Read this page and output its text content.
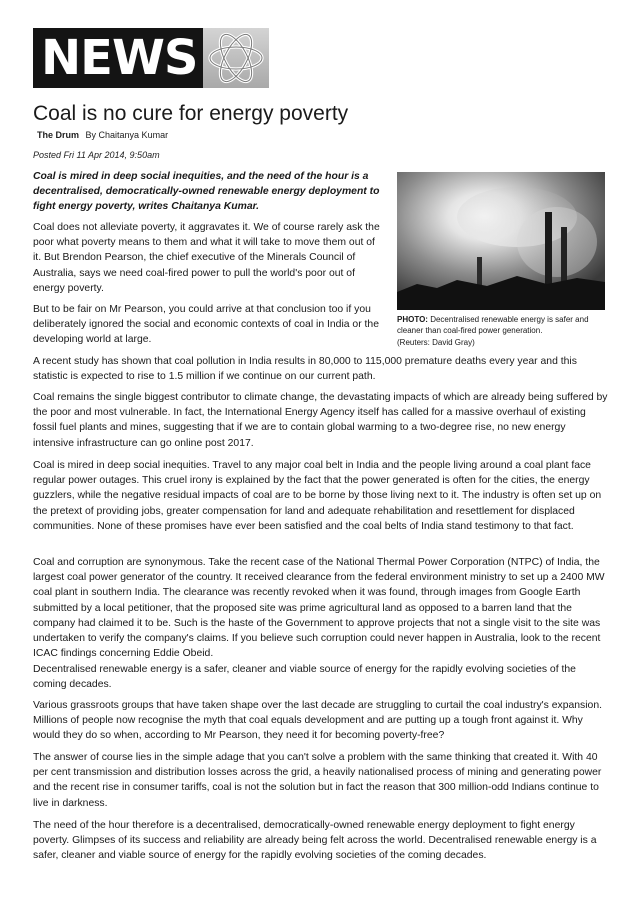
NEWS
Coal is no cure for energy poverty
The Drum By Chaitanya Kumar
Posted Fri 11 Apr 2014, 9:50am
PHOTO: Decentralised renewable energy is safer and cleaner than coal-fired power generation.
(Reuters: David Gray)

Coal is mired in deep social inequities, and the need of the hour is a decentralised, democratically-owned renewable energy deployment to fight energy poverty, writes Chaitanya Kumar.

Coal does not alleviate poverty, it aggravates it. We of course rarely ask the poor what poverty means to them and what it will take to move them out of it. But Brendon Pearson, the chief executive of the Minerals Council of Australia, says we need coal-fired power to pull the world's poor out of energy poverty.

But to be fair on Mr Pearson, you could arrive at that conclusion too if you deliberately ignored the social and economic contexts of coal in India or the developing world at large.

A recent study has shown that coal pollution in India results in 80,000 to 115,000 premature deaths every year and this statistic is expected to rise to 1.5 million if we continue on our current path.

Coal remains the single biggest contributor to climate change, the devastating impacts of which are already being suffered by the poor and most vulnerable. In fact, the International Energy Agency itself has called for a massive overhaul of existing fossil fuel plants and mines, suggesting that if we are to contain global warming to a two-degree rise, no new energy intensive infrastructure can go online post 2017.

Coal is mired in deep social inequities. Travel to any major coal belt in India and the people living around a coal plant face regular power outages. This cruel irony is explained by the fact that the power generated is often for the cities, the energy guzzlers, while the negative residual impacts of coal are to be borne by those living next to it. The industry is often set up on the pretext of providing jobs, greater compensation for land and adequate rehabilitation and resettlement for displaced communities. None of these promises have ever been satisfied and the coal belts of India stand testimony to that fact.

Coal and corruption are synonymous. Take the recent case of the National Thermal Power Corporation (NTPC) of India, the largest coal power generator of the country. It received clearance from the federal environment ministry to set up a 2400 MW coal plant in southern India. The clearance was recently revoked when it was found, through images from Google Earth submitted by a local petitioner, that the proposed site was prime agricultural land as opposed to a barren land that the company had claimed it to be. Such is the haste of the Government to approve projects that not a single visit to the site was undertaken to verify the company's claims. If you believe such corruption could never happen in Australia, look to the recent ICAC findings concerning Eddie Obeid.

Decentralised renewable energy is a safer, cleaner and viable source of energy for the rapidly evolving societies of the coming decades.

Various grassroots groups that have taken shape over the last decade are struggling to curtail the coal industry's expansion. Millions of people now recognise the myth that coal equals development and are putting up a tough front against it. Why would they do so when, according to Mr Pearson, they need it for becoming poverty-free?

The answer of course lies in the simple adage that you can't solve a problem with the same thinking that created it. With 40 per cent transmission and distribution losses across the grid, a heavily nationalised process of mining and generating power and the recent rise in consumer tariffs, coal is not the solution but in fact the reason that 300 million-odd Indians continue to live in darkness.

The need of the hour therefore is a decentralised, democratically-owned renewable energy deployment to fight energy poverty. Glimpses of its success and reliability are already being felt across the world. Decentralised renewable energy is a safer, cleaner and viable source of energy for the rapidly evolving societies of the coming decades.
